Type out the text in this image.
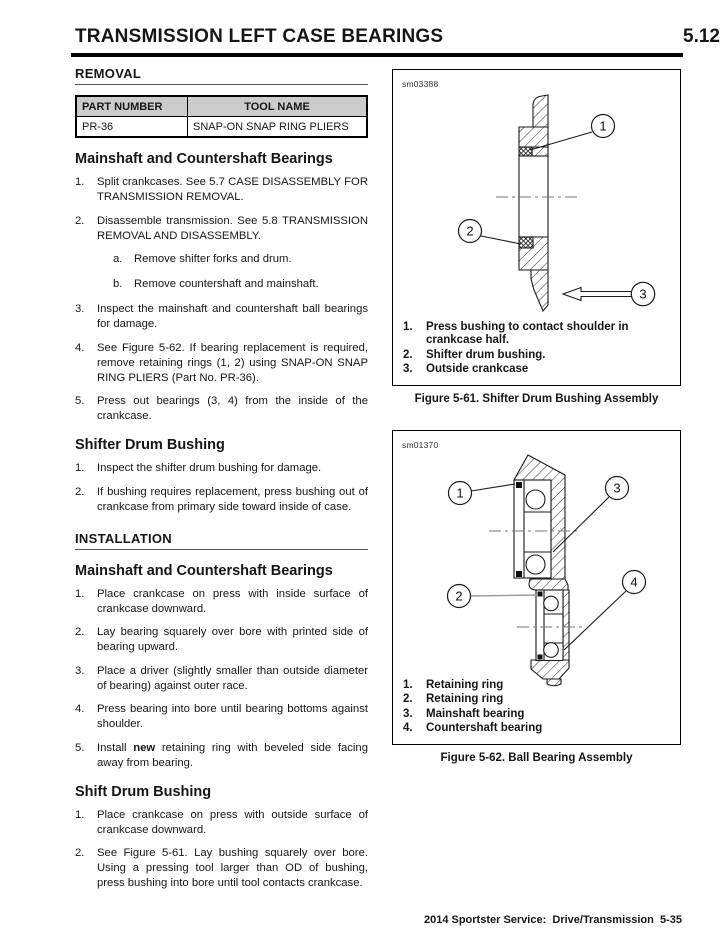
TRANSMISSION LEFT CASE BEARINGS	5.12
REMOVAL
PART NUMBER	TOOL NAME
PR-36	SNAP-ON SNAP RING PLIERS
Mainshaft and Countershaft Bearings
1.	Split crankcases. See 5.7 CASE DISASSEMBLY FOR TRANSMISSION REMOVAL.
2.	Disassemble transmission. See 5.8 TRANSMISSION REMOVAL AND DISASSEMBLY.
a.	Remove shifter forks and drum.
b.	Remove countershaft and mainshaft.
3.	Inspect the mainshaft and countershaft ball bearings for damage.
4.	See Figure 5-62. If bearing replacement is required, remove retaining rings (1, 2) using SNAP-ON SNAP RING PLIERS (Part No. PR-36).
5.	Press out bearings (3, 4) from the inside of the crankcase.
Shifter Drum Bushing
1.	Inspect the shifter drum bushing for damage.
2.	If bushing requires replacement, press bushing out of crankcase from primary side toward inside of case.
INSTALLATION
Mainshaft and Countershaft Bearings
1.	Place crankcase on press with inside surface of crankcase downward.
2.	Lay bearing squarely over bore with printed side of bearing upward.
3.	Place a driver (slightly smaller than outside diameter of bearing) against outer race.
4.	Press bearing into bore until bearing bottoms against shoulder.
5.	Install new retaining ring with beveled side facing away from bearing.
Shift Drum Bushing
1.	Place crankcase on press with outside surface of crankcase downward.
2.	See Figure 5-61. Lay bushing squarely over bore. Using a pressing tool larger than OD of bushing, press bushing into bore until tool contacts crankcase.
sm03388
1
2
3
1.	Press bushing to contact shoulder in crankcase half.
2.	Shifter drum bushing.
3.	Outside crankcase
Figure 5-61. Shifter Drum Bushing Assembly
sm01370
1
2
3
4
1.	Retaining ring
2.	Retaining ring
3.	Mainshaft bearing
4.	Countershaft bearing
Figure 5-62. Ball Bearing Assembly
2014 Sportster Service:  Drive/Transmission  5-35
